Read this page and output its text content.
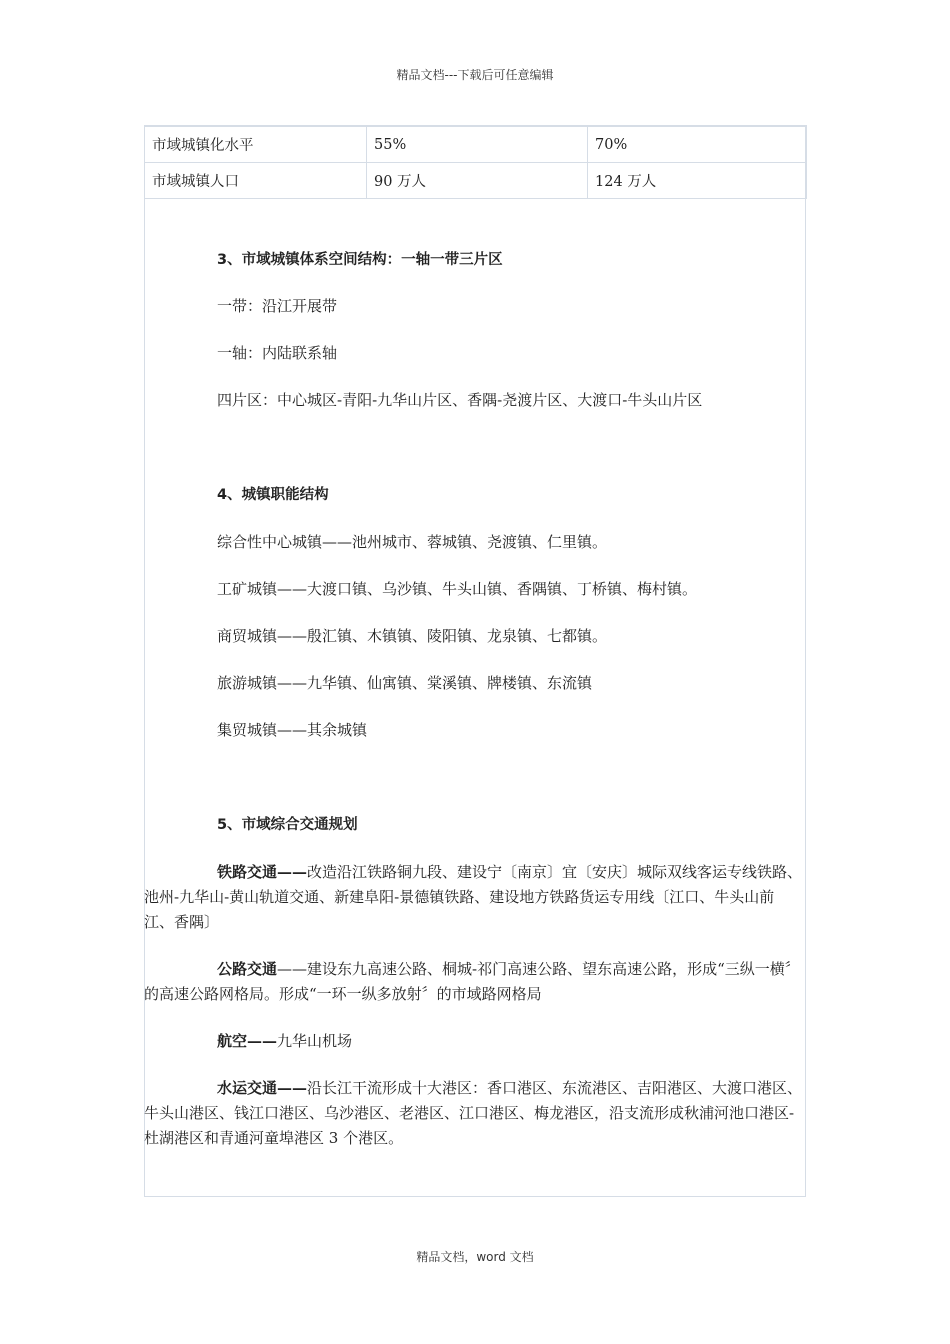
精品文档---下载后可任意编辑
市域城镇化水平	55%	70%
市域城镇人口	90 万人	124 万人

3、市域城镇体系空间结构：一轴一带三片区

一带：沿江开展带

一轴：内陆联系轴

四片区：中心城区-青阳-九华山片区、香隅-尧渡片区、大渡口-牛头山片区

4、城镇职能结构

综合性中心城镇——池州城市、蓉城镇、尧渡镇、仁里镇。

工矿城镇——大渡口镇、乌沙镇、牛头山镇、香隅镇、丁桥镇、梅村镇。

商贸城镇——殷汇镇、木镇镇、陵阳镇、龙泉镇、七都镇。

旅游城镇——九华镇、仙寓镇、棠溪镇、牌楼镇、东流镇

集贸城镇——其余城镇

5、市域综合交通规划

铁路交通——改造沿江铁路铜九段、建设宁〔南京〕宜〔安庆〕城际双线客运专线铁路、池州-九华山-黄山轨道交通、新建阜阳-景德镇铁路、建设地方铁路货运专用线〔江口、牛头山前江、香隅〕

公路交通——建设东九高速公路、桐城-祁门高速公路、望东高速公路，形成“三纵一横〞的高速公路网格局。形成“一环一纵多放射〞的市域路网格局

航空——九华山机场

水运交通——沿长江干流形成十大港区：香口港区、东流港区、吉阳港区、大渡口港区、牛头山港区、钱江口港区、乌沙港区、老港区、江口港区、梅龙港区，沿支流形成秋浦河池口港区-杜湖港区和青通河童埠港区 3 个港区。

精品文档，word 文档
